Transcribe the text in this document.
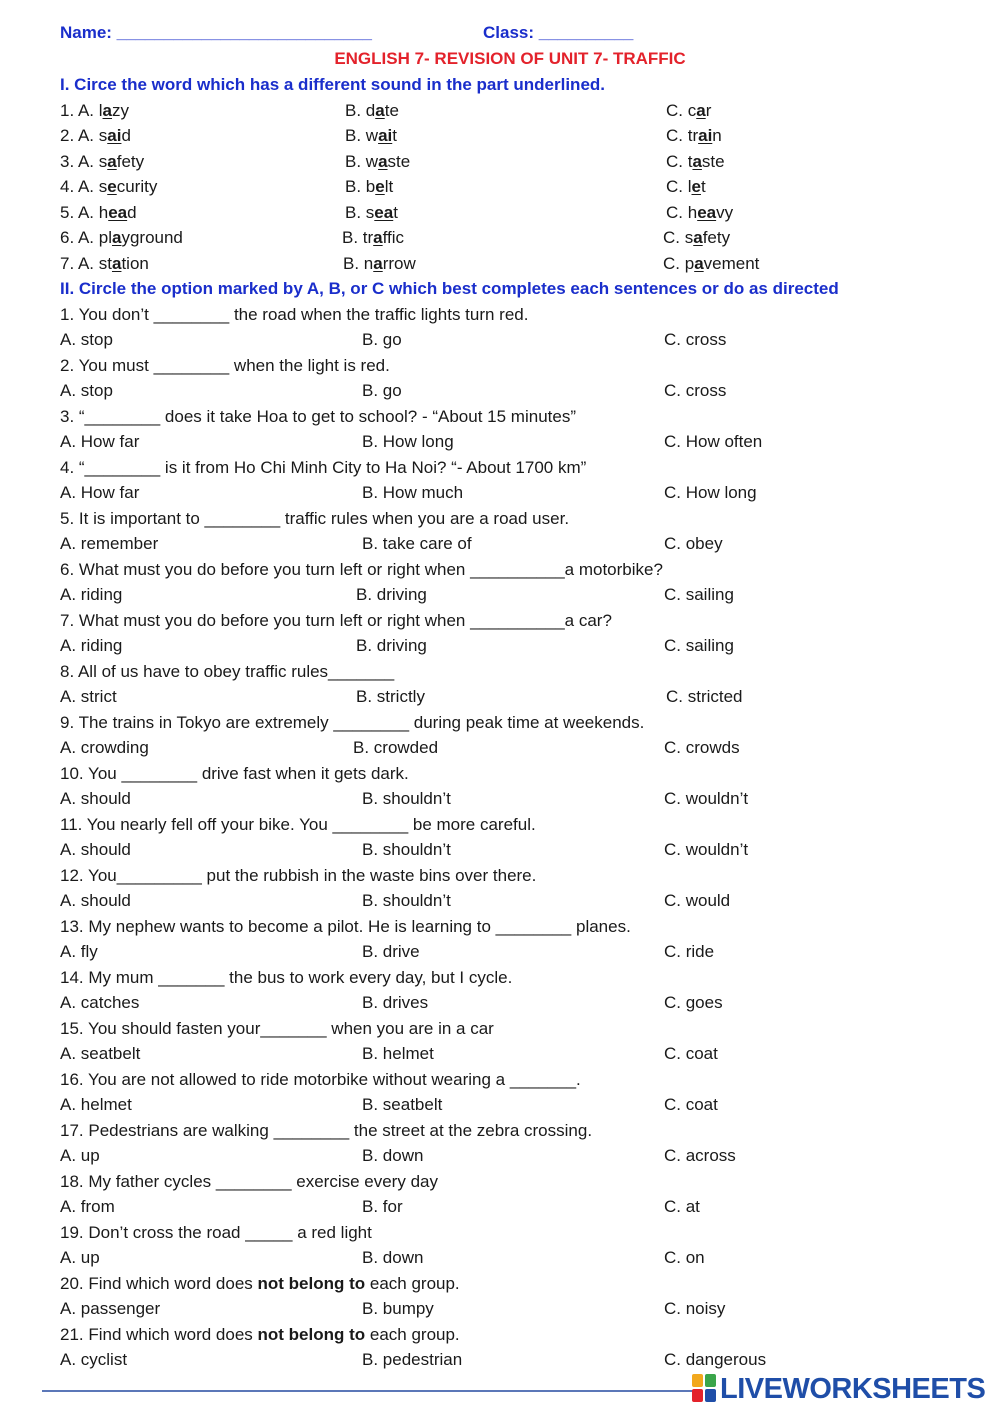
Name: ___________________________	Class: __________
ENGLISH 7- REVISION OF UNIT 7- TRAFFIC
I. Circe the word which has a different sound in the part underlined.
1. A. lazy	B. date	C. car
2. A. said	B. wait	C. train
3. A. safety	B. waste	C. taste
4. A. security	B. belt	C. let
5. A. head	B. seat	C. heavy
6. A. playground	B. traffic	C. safety
7. A. station	B. narrow	C. pavement
II. Circle the option marked by A, B, or C which best completes each sentences or do as directed
1. You don’t ________ the road when the traffic lights turn red.
A. stop	B. go	C. cross
2. You must ________ when the light is red.
A. stop	B. go	C. cross
3. “________ does it take Hoa to get to school? - “About 15 minutes”
A. How far	B. How long	C. How often
4. “________ is it from Ho Chi Minh City to Ha Noi? “- About 1700 km”
A. How far	B. How much	C. How long
5. It is important to ________ traffic rules when you are a road user.
A. remember	B. take care of	C. obey
6. What must you do before you turn left or right when __________a motorbike?
A. riding	B. driving	C. sailing
7. What must you do before you turn left or right when __________a car?
A. riding	B. driving	C. sailing
8. All of us have to obey traffic rules_______
A. strict	B. strictly	C. stricted
9. The trains in Tokyo are extremely ________ during peak time at weekends.
A. crowding	B. crowded	C. crowds
10. You ________ drive fast when it gets dark.
A. should	B. shouldn’t	C. wouldn’t
11. You nearly fell off your bike. You ________ be more careful.
A. should	B. shouldn’t	C. wouldn’t
12. You_________ put the rubbish in the waste bins over there.
A. should	B. shouldn’t	C. would
13. My nephew wants to become a pilot. He is learning to ________ planes.
A. fly	B. drive	C. ride
14. My mum _______ the bus to work every day, but I cycle.
A. catches	B. drives	C. goes
15. You should fasten your_______ when you are in a car
A. seatbelt	B. helmet	C. coat
16. You are not allowed to ride motorbike without wearing a _______.
A. helmet	B. seatbelt	C. coat
17. Pedestrians are walking ________ the street at the zebra crossing.
A. up	B. down	C. across
18. My father cycles ________ exercise every day
A. from	B. for	C. at
19. Don’t cross the road _____ a red light
A. up	B. down	C. on
20. Find which word does not belong to each group.
A. passenger	B. bumpy	C. noisy
21. Find which word does not belong to each group.
A. cyclist	B. pedestrian	C. dangerous
LIVEWORKSHEETS
